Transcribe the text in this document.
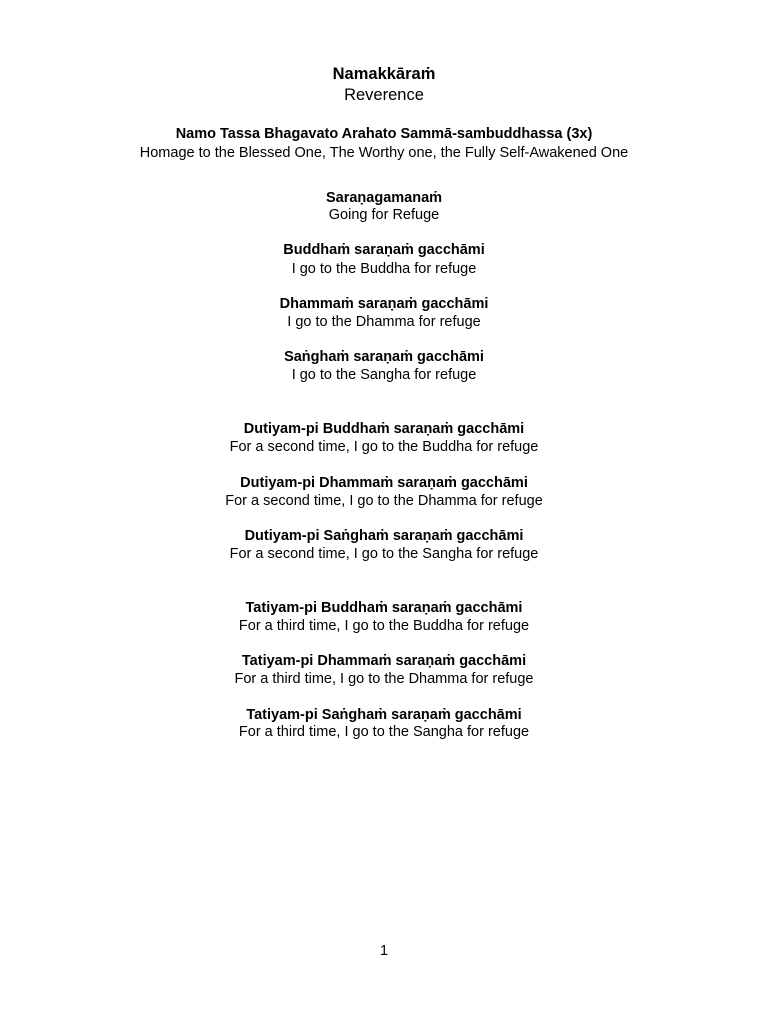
Namakkāraṁ
Reverence
Namo Tassa Bhagavato Arahato Sammā-sambuddhassa (3x)
Homage to the Blessed One, The Worthy one, the Fully Self-Awakened One
Saraṇagamanaṁ
Going for Refuge
Buddhaṁ saraṇaṁ gacchāmi
I go to the Buddha for refuge
Dhammaṁ saraṇaṁ gacchāmi
I go to the Dhamma for refuge
Saṅghaṁ saraṇaṁ gacchāmi
I go to the Sangha for refuge
Dutiyam-pi Buddhaṁ saraṇaṁ gacchāmi
For a second time, I go to the Buddha for refuge
Dutiyam-pi Dhammaṁ saraṇaṁ gacchāmi
For a second time, I go to the Dhamma for refuge
Dutiyam-pi Saṅghaṁ saraṇaṁ gacchāmi
For a second time, I go to the Sangha for refuge
Tatiyam-pi Buddhaṁ saraṇaṁ gacchāmi
For a third time, I go to the Buddha for refuge
Tatiyam-pi Dhammaṁ saraṇaṁ gacchāmi
For a third time, I go to the Dhamma for refuge
Tatiyam-pi Saṅghaṁ saraṇaṁ gacchāmi
For a third time, I go to the Sangha for refuge
1
